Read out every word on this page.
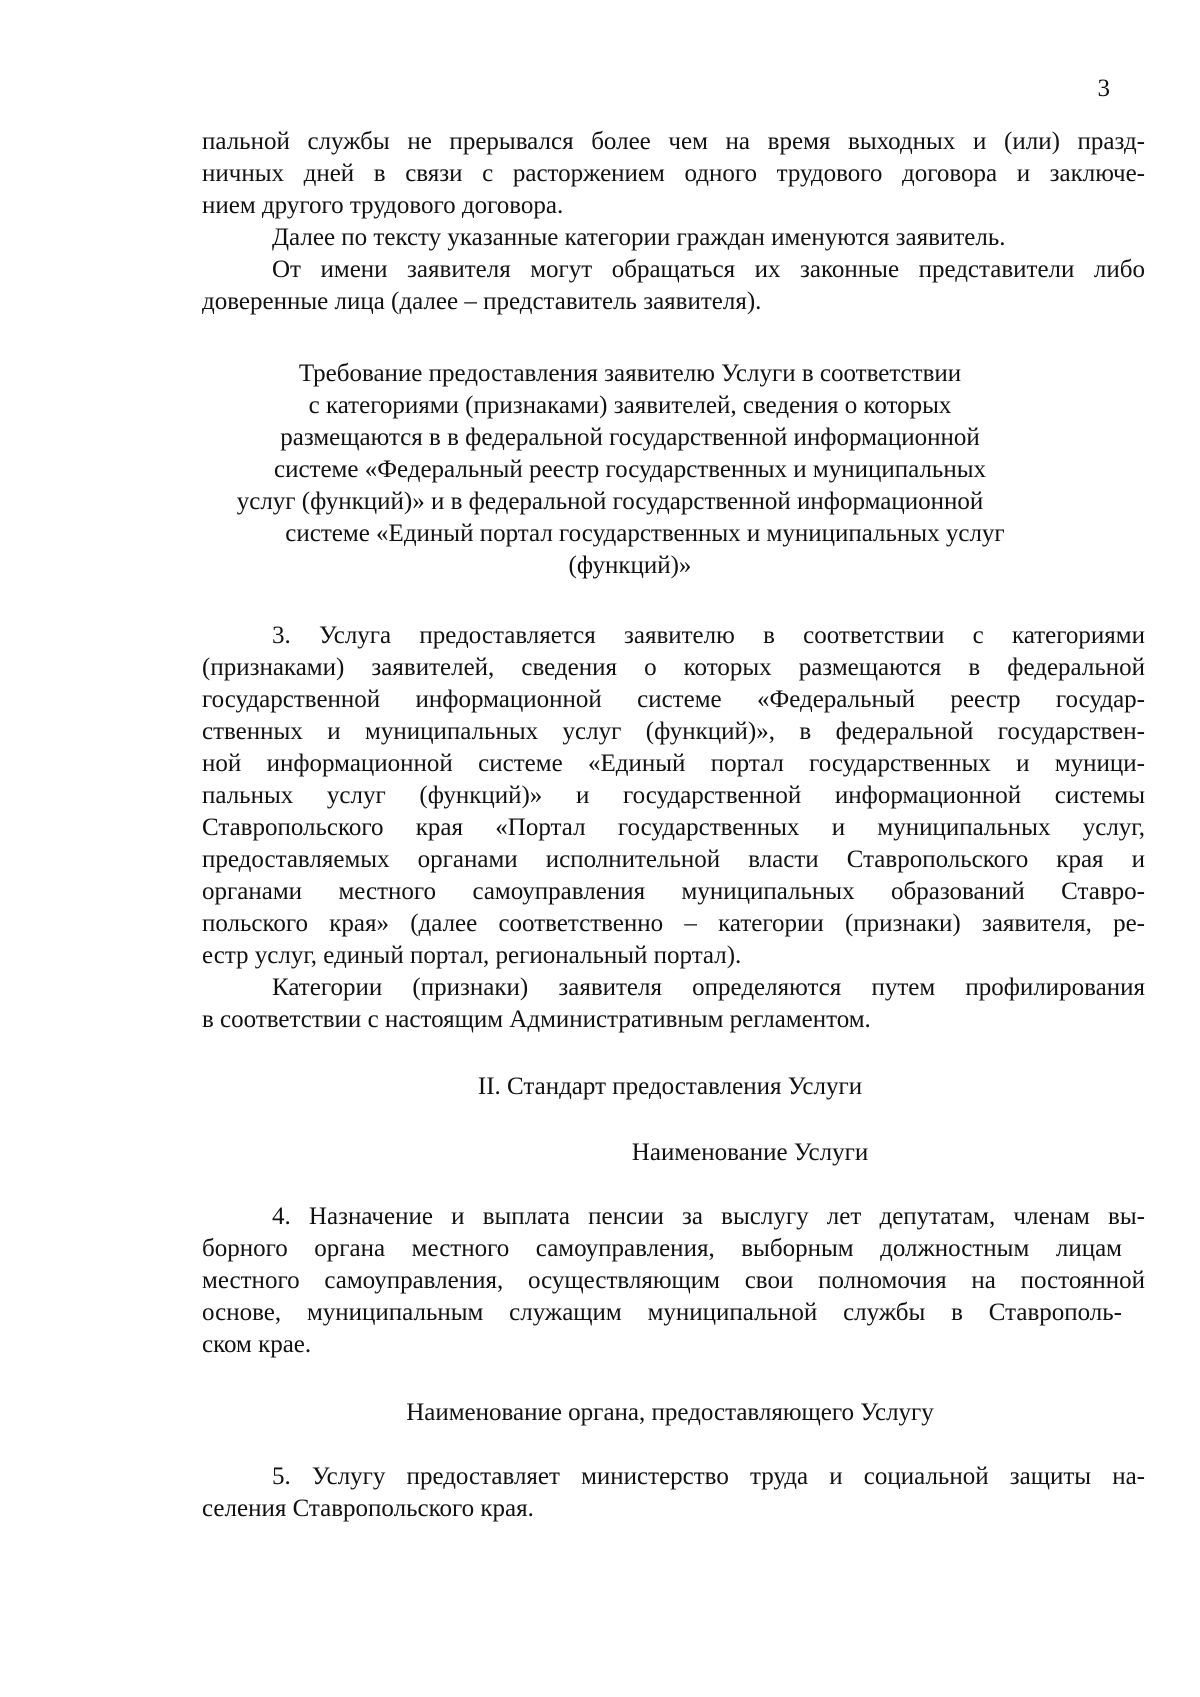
3
пальной службы не прерывался более чем на время выходных и (или) празд-
ничных дней в связи с расторжением одного трудового договора и заключе-
нием другого трудового договора.
Далее по тексту указанные категории граждан именуются заявитель.
От имени заявителя могут обращаться их законные представители либо
доверенные лица (далее – представитель заявителя).
Требование предоставления заявителю Услуги в соответствии
с категориями (признаками) заявителей, сведения о которых
размещаются в в федеральной государственной информационной
системе «Федеральный реестр государственных и муниципальных
услуг (функций)» и в федеральной государственной информационной
системе «Единый портал государственных и муниципальных услуг
(функций)»
3. Услуга предоставляется заявителю в соответствии с категориями
(признаками) заявителей, сведения о которых размещаются в федеральной
государственной информационной системе «Федеральный реестр государ-
ственных и муниципальных услуг (функций)», в федеральной государствен-
ной информационной системе «Единый портал государственных и муници-
пальных услуг (функций)» и государственной информационной системы
Ставропольского края «Портал государственных и муниципальных услуг,
предоставляемых органами исполнительной власти Ставропольского края и
органами местного самоуправления муниципальных образований Ставро-
польского края» (далее соответственно – категории (признаки) заявителя, ре-
естр услуг, единый портал, региональный портал).
Категории (признаки) заявителя определяются путем профилирования
в соответствии с настоящим Административным регламентом.
II. Стандарт предоставления Услуги
Наименование Услуги
4. Назначение и выплата пенсии за выслугу лет депутатам, членам вы-
борного органа местного самоуправления, выборным должностным лицам
местного самоуправления, осуществляющим свои полномочия на постоянной
основе, муниципальным служащим муниципальной службы в Ставрополь-
ском крае.
Наименование органа, предоставляющего Услугу
5. Услугу предоставляет министерство труда и социальной защиты на-
селения Ставропольского края.
